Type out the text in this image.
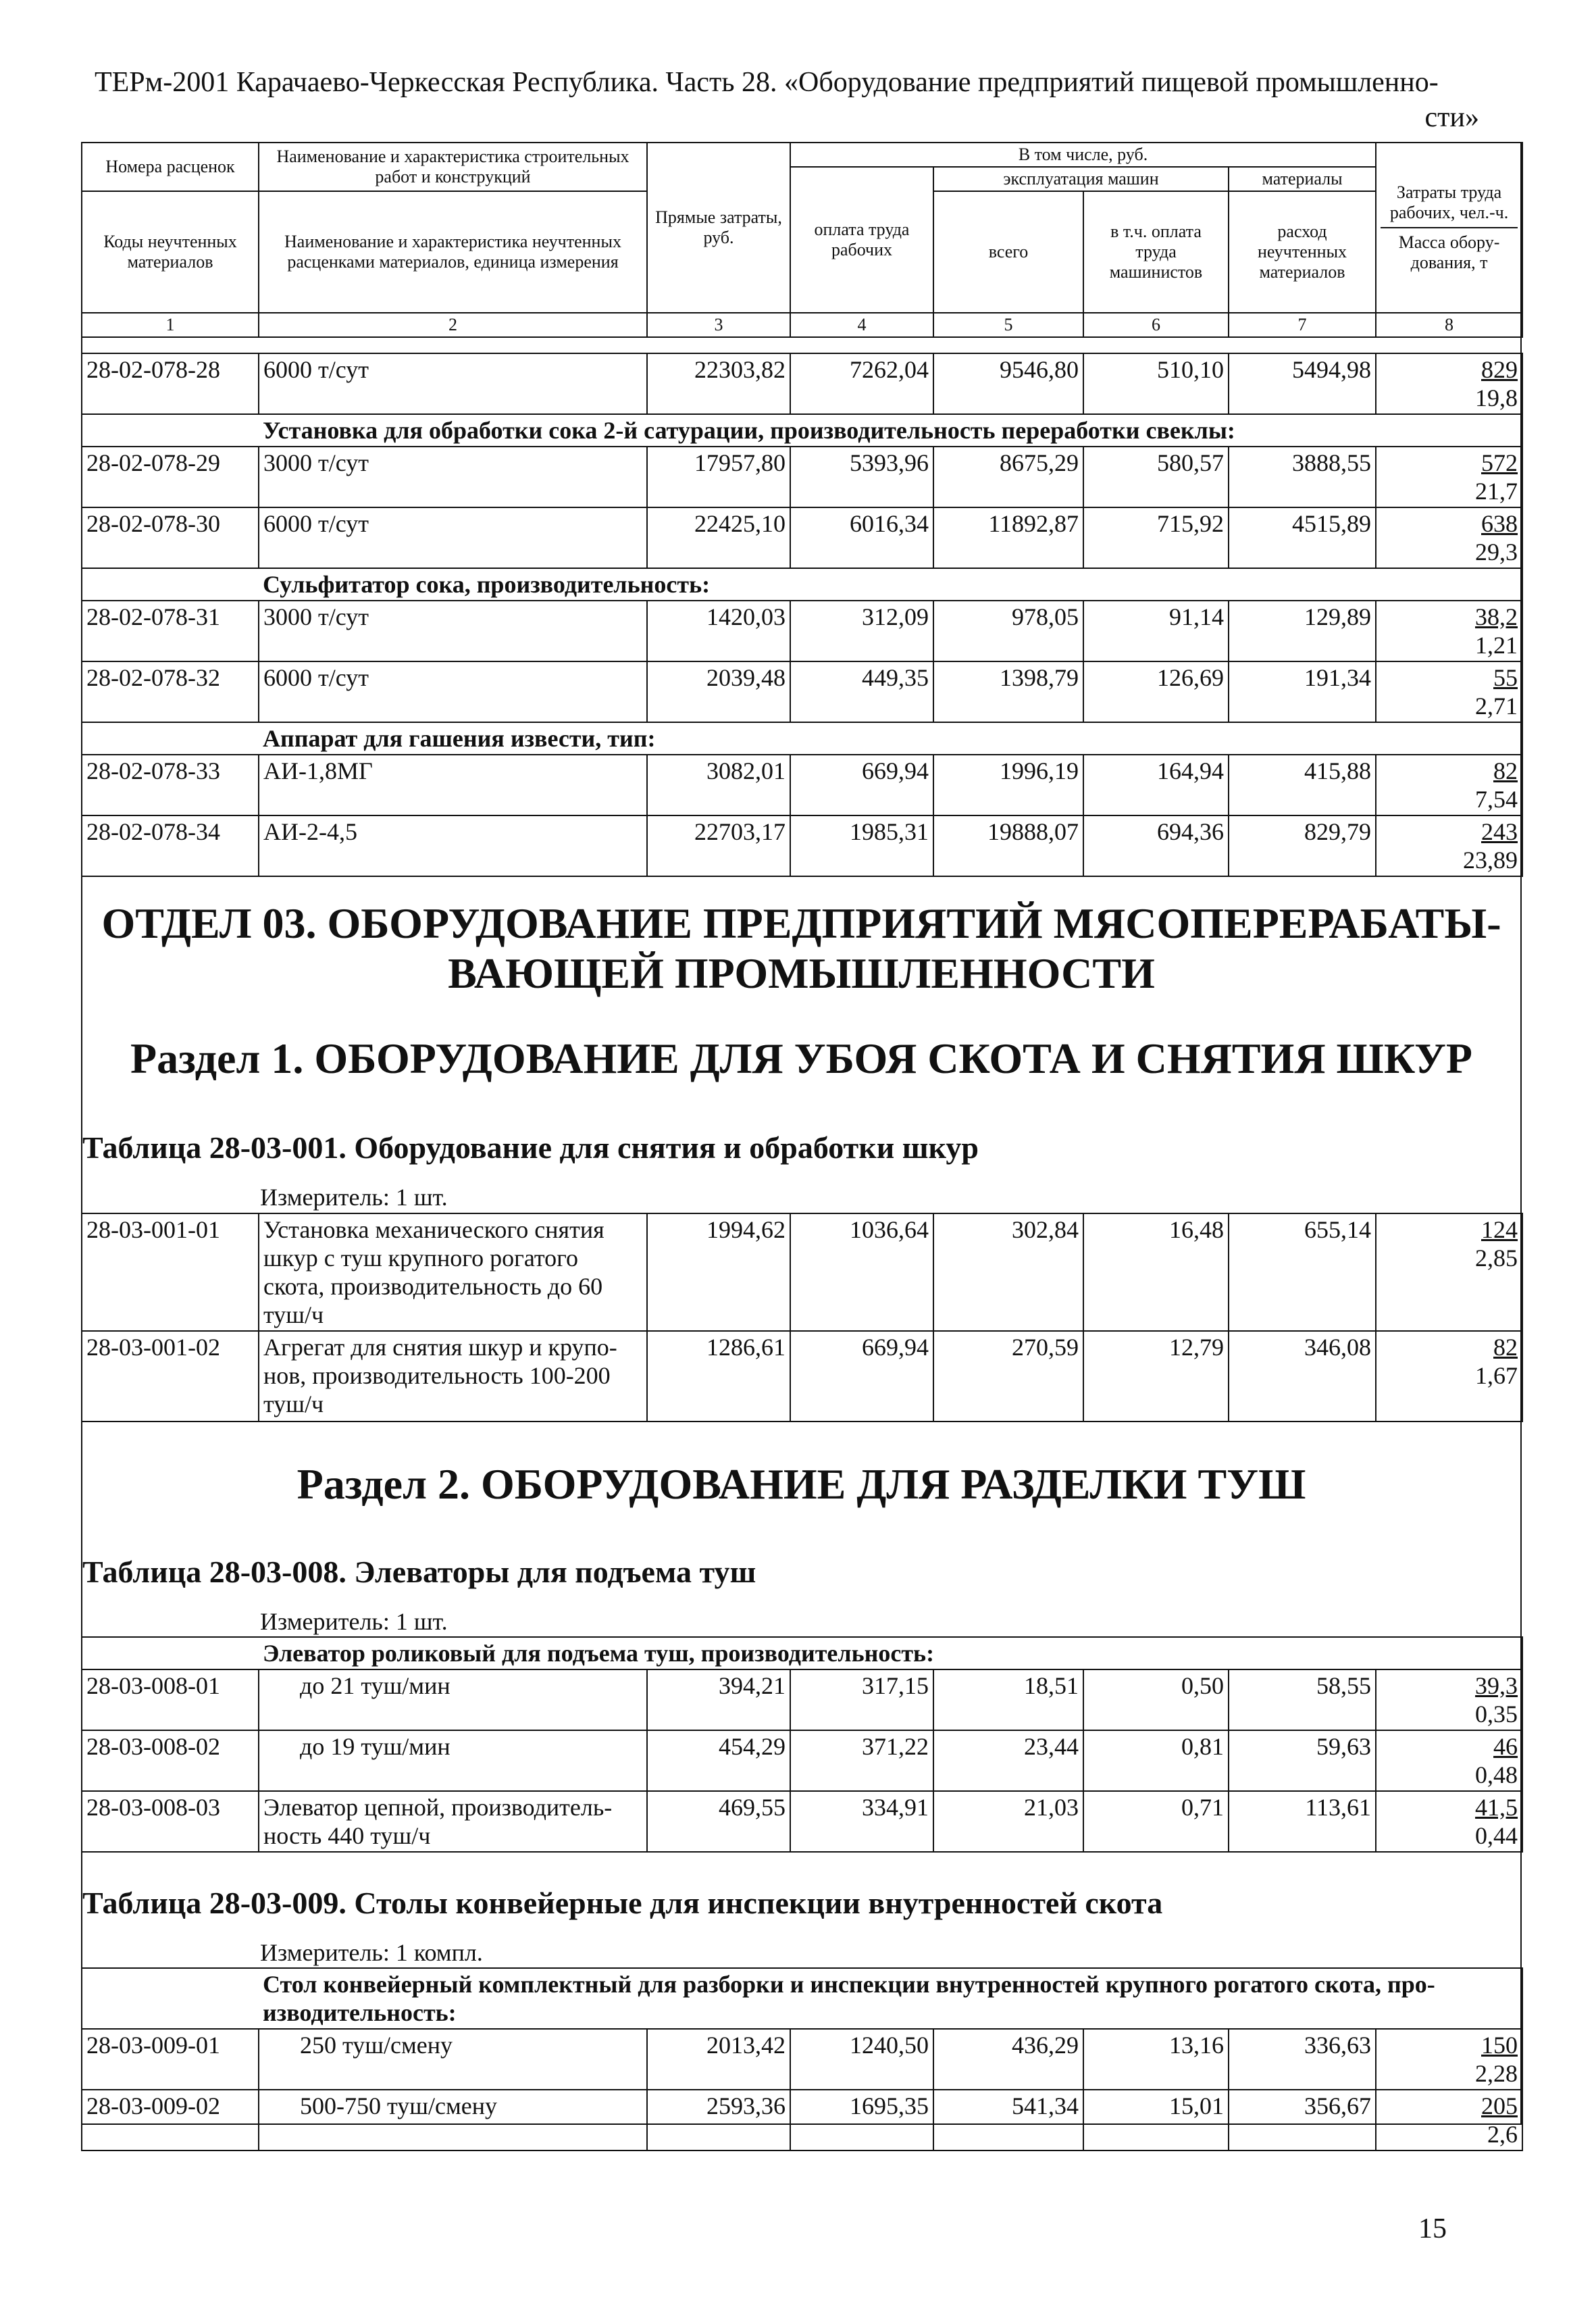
ТЕРм-2001 Карачаево-Черкесская Республика. Часть 28. «Оборудование предприятий пищевой промышленно-
сти»
Номера расценок	Наименование и характеристика строительных работ и конструкций	Прямые затраты, руб.	В том числе, руб.				Затраты труда рабочих, чел.-ч.
Масса обору-дования, т
			оплата труда рабочих	эксплуатация машин		материалы	
Коды неучтенных материалов	Наименование и характеристика неучтенных расценками материалов, единица измерения			всего	в т.ч. оплата труда машинистов	расход неучтенных материалов	
1	2	3	4	5	6	7	8
28-02-078-28	6000 т/сут	22303,82	7262,04	9546,80	510,10	5494,98	829
19,8
	Установка для обработки сока 2-й сатурации, производительность переработки свеклы:						
28-02-078-29	3000 т/сут	17957,80	5393,96	8675,29	580,57	3888,55	572
21,7
28-02-078-30	6000 т/сут	22425,10	6016,34	11892,87	715,92	4515,89	638
29,3
	Сульфитатор сока, производительность:						
28-02-078-31	3000 т/сут	1420,03	312,09	978,05	91,14	129,89	38,2
1,21
28-02-078-32	6000 т/сут	2039,48	449,35	1398,79	126,69	191,34	55
2,71
	Аппарат для гашения извести, тип:						
28-02-078-33	АИ-1,8МГ	3082,01	669,94	1996,19	164,94	415,88	82
7,54
28-02-078-34	АИ-2-4,5	22703,17	1985,31	19888,07	694,36	829,79	243
23,89
ОТДЕЛ 03. ОБОРУДОВАНИЕ ПРЕДПРИЯТИЙ МЯСОПЕРЕРАБАТЫ-
ВАЮЩЕЙ ПРОМЫШЛЕННОСТИ
Раздел 1. ОБОРУДОВАНИЕ ДЛЯ УБОЯ СКОТА И СНЯТИЯ ШКУР
Таблица 28-03-001. Оборудование для снятия и обработки шкур
Измеритель: 1 шт.
28-03-001-01	Установка механического снятия шкур с туш крупного рогатого скота, производительность до 60 туш/ч	1994,62	1036,64	302,84	16,48	655,14	124
2,85
28-03-001-02	Агрегат для снятия шкур и крупо-нов, производительность 100-200 туш/ч	1286,61	669,94	270,59	12,79	346,08	82
1,67
Раздел 2. ОБОРУДОВАНИЕ ДЛЯ РАЗДЕЛКИ ТУШ
Таблица 28-03-008. Элеваторы для подъема туш
Измеритель: 1 шт.
	Элеватор роликовый для подъема туш, производительность:						
28-03-008-01	до 21 туш/мин	394,21	317,15	18,51	0,50	58,55	39,3
0,35
28-03-008-02	до 19 туш/мин	454,29	371,22	23,44	0,81	59,63	46
0,48
28-03-008-03	Элеватор цепной, производитель-ность 440 туш/ч	469,55	334,91	21,03	0,71	113,61	41,5
0,44
Таблица 28-03-009. Столы конвейерные для инспекции внутренностей скота
Измеритель: 1 компл.
	Стол конвейерный комплектный для разборки и инспекции внутренностей крупного рогатого скота, про-изводительность:						
28-03-009-01	250 туш/смену	2013,42	1240,50	436,29	13,16	336,63	150
2,28
28-03-009-02	500-750 туш/смену	2593,36	1695,35	541,34	15,01	356,67	205
2,6
15
